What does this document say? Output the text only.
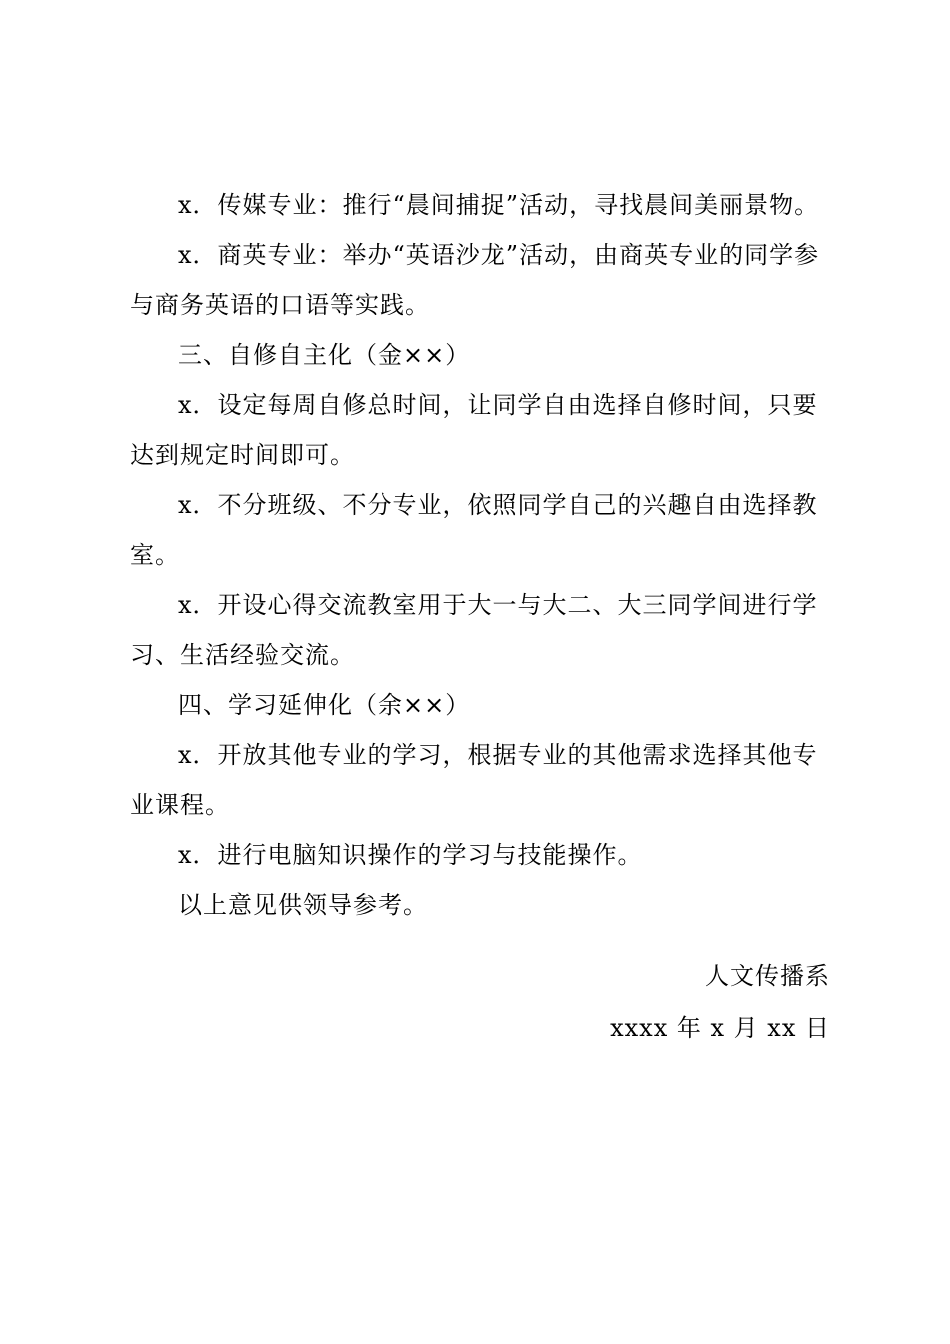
x．传媒专业：推行“晨间捕捉”活动，寻找晨间美丽景物。

x．商英专业：举办“英语沙龙”活动，由商英专业的同学参与商务英语的口语等实践。

三、自修自主化（金××）

x．设定每周自修总时间，让同学自由选择自修时间，只要达到规定时间即可。

x．不分班级、不分专业，依照同学自己的兴趣自由选择教室。

x．开设心得交流教室用于大一与大二、大三同学间进行学习、生活经验交流。

四、学习延伸化（余××）

x．开放其他专业的学习，根据专业的其他需求选择其他专业课程。

x．进行电脑知识操作的学习与技能操作。

以上意见供领导参考。

人文传播系
xxxx 年 x 月 xx 日
